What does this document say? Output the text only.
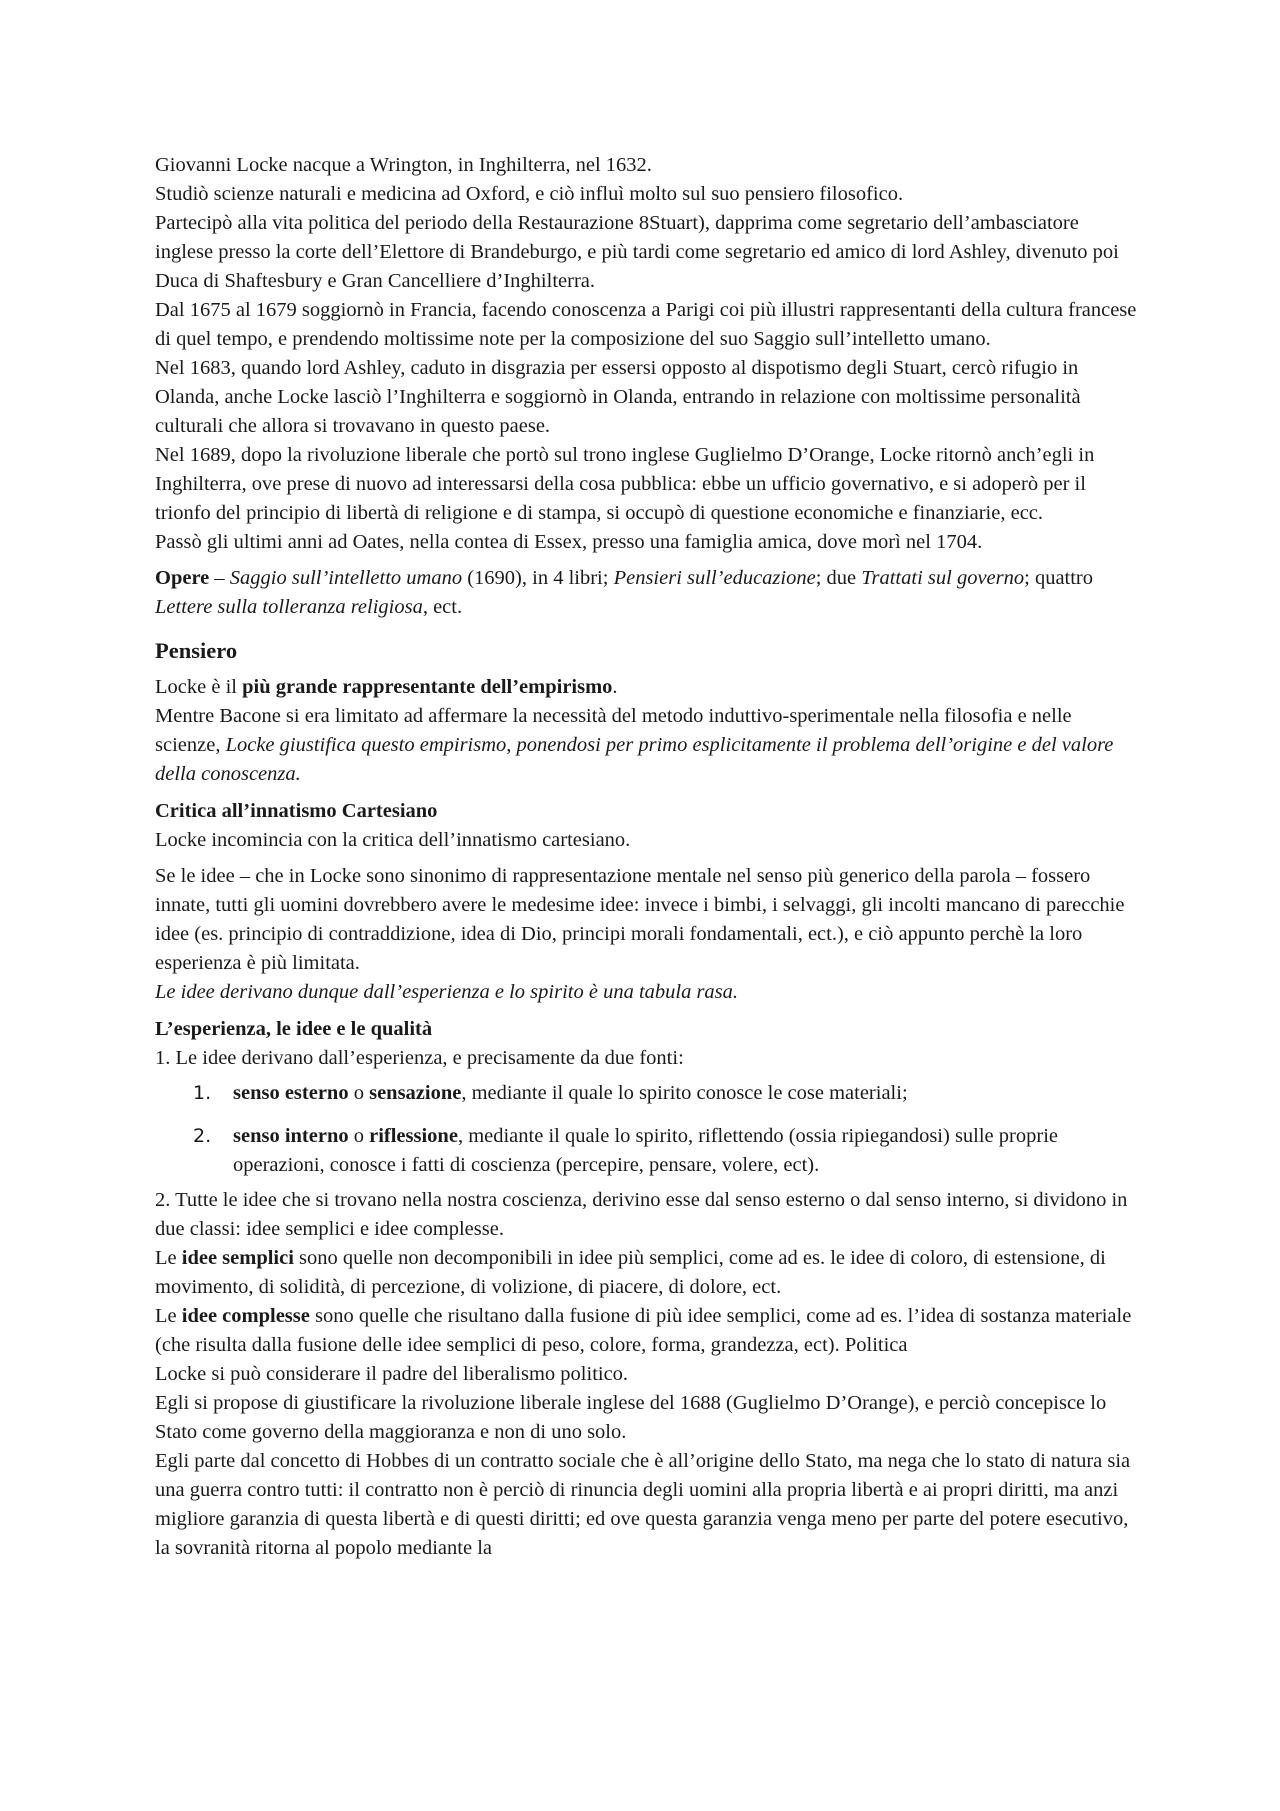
Giovanni Locke nacque a Wrington, in Inghilterra, nel 1632.

Studiò scienze naturali e medicina ad Oxford, e ciò influì molto sul suo pensiero filosofico.

Partecipò alla vita politica del periodo della Restaurazione 8Stuart), dapprima come segretario dell’ambasciatore inglese presso la corte dell’Elettore di Brandeburgo, e più tardi come segretario ed amico di lord Ashley, divenuto poi Duca di Shaftesbury e Gran Cancelliere d’Inghilterra.

Dal 1675 al 1679 soggiornò in Francia, facendo conoscenza a Parigi coi più illustri rappresentanti della cultura francese di quel tempo, e prendendo moltissime note per la composizione del suo Saggio sull’intelletto umano.

Nel 1683, quando lord Ashley, caduto in disgrazia per essersi opposto al dispotismo degli Stuart, cercò rifugio in Olanda, anche Locke lasciò l’Inghilterra e soggiornò in Olanda, entrando in relazione con moltissime personalità culturali che allora si trovavano in questo paese.

Nel 1689, dopo la rivoluzione liberale che portò sul trono inglese Guglielmo D’Orange, Locke ritornò anch’egli in Inghilterra, ove prese di nuovo ad interessarsi della cosa pubblica: ebbe un ufficio governativo, e si adoperò per il trionfo del principio di libertà di religione e di stampa, si occupò di questione economiche e finanziarie, ecc.

Passò gli ultimi anni ad Oates, nella contea di Essex, presso una famiglia amica, dove morì nel 1704.

Opere – Saggio sull’intelletto umano (1690), in 4 libri; Pensieri sull’educazione; due Trattati sul governo; quattro Lettere sulla tolleranza religiosa, ect.

Pensiero

Locke è il più grande rappresentante dell’empirismo.

Mentre Bacone si era limitato ad affermare la necessità del metodo induttivo-sperimentale nella filosofia e nelle scienze, Locke giustifica questo empirismo, ponendosi per primo esplicitamente il problema dell’origine e del valore della conoscenza.

Critica all’innatismo Cartesiano

Locke incomincia con la critica dell’innatismo cartesiano.

Se le idee – che in Locke sono sinonimo di rappresentazione mentale nel senso più generico della parola – fossero innate, tutti gli uomini dovrebbero avere le medesime idee: invece i bimbi, i selvaggi, gli incolti mancano di parecchie idee (es. principio di contraddizione, idea di Dio, principi morali fondamentali, ect.), e ciò appunto perchè la loro esperienza è più limitata.

Le idee derivano dunque dall’esperienza e lo spirito è una tabula rasa.

L’esperienza, le idee e le qualità

1. Le idee derivano dall’esperienza, e precisamente da due fonti:

1. senso esterno o sensazione, mediante il quale lo spirito conosce le cose materiali;
2. senso interno o riflessione, mediante il quale lo spirito, riflettendo (ossia ripiegandosi) sulle proprie operazioni, conosce i fatti di coscienza (percepire, pensare, volere, ect).

2. Tutte le idee che si trovano nella nostra coscienza, derivino esse dal senso esterno o dal senso interno, si dividono in due classi: idee semplici e idee complesse.

Le idee semplici sono quelle non decomponibili in idee più semplici, come ad es. le idee di coloro, di estensione, di movimento, di solidità, di percezione, di volizione, di piacere, di dolore, ect.

Le idee complesse sono quelle che risultano dalla fusione di più idee semplici, come ad es. l’idea di sostanza materiale (che risulta dalla fusione delle idee semplici di peso, colore, forma, grandezza, ect). Politica

Locke si può considerare il padre del liberalismo politico.

Egli si propose di giustificare la rivoluzione liberale inglese del 1688 (Guglielmo D’Orange), e perciò concepisce lo Stato come governo della maggioranza e non di uno solo.

Egli parte dal concetto di Hobbes di un contratto sociale che è all’origine dello Stato, ma nega che lo stato di natura sia una guerra contro tutti: il contratto non è perciò di rinuncia degli uomini alla propria libertà e ai propri diritti, ma anzi migliore garanzia di questa libertà e di questi diritti; ed ove questa garanzia venga meno per parte del potere esecutivo, la sovranità ritorna al popolo mediante la
